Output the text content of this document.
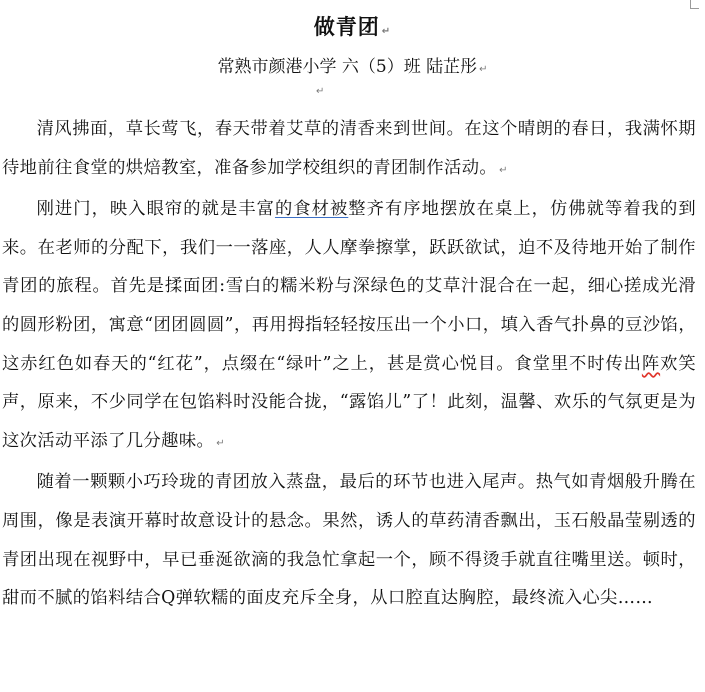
做青团 ↵
常熟市颜港小学 六（5）班 陆芷彤 ↵
↵

清风拂面，草长莺飞，春天带着艾草的清香来到世间。在这个晴朗的春日，我满怀期待地前往食堂的烘焙教室，准备参加学校组织的青团制作活动。 ↵

刚进门，映入眼帘的就是丰富的食材被整齐有序地摆放在桌上，仿佛就等着我的到来。在老师的分配下，我们一一落座，人人摩拳擦掌，跃跃欲试，迫不及待地开始了制作青团的旅程。首先是揉面团:雪白的糯米粉与深绿色的艾草汁混合在一起，细心搓成光滑的圆形粉团，寓意“团团圆圆”，再用拇指轻轻按压出一个小口，填入香气扑鼻的豆沙馅，这赤红色如春天的“红花”，点缀在“绿叶”之上，甚是赏心悦目。食堂里不时传出阵欢笑声，原来，不少同学在包馅料时没能合拢，“露馅儿”了！此刻，温馨、欢乐的气氛更是为这次活动平添了几分趣味。 ↵

随着一颗颗小巧玲珑的青团放入蒸盘，最后的环节也进入尾声。热气如青烟般升腾在周围，像是表演开幕时故意设计的悬念。果然，诱人的草药清香飘出，玉石般晶莹剔透的青团出现在视野中，早已垂涎欲滴的我急忙拿起一个，顾不得烫手就直往嘴里送。顿时，甜而不腻的馅料结合Q弹软糯的面皮充斥全身，从口腔直达胸腔，最终流入心尖……
